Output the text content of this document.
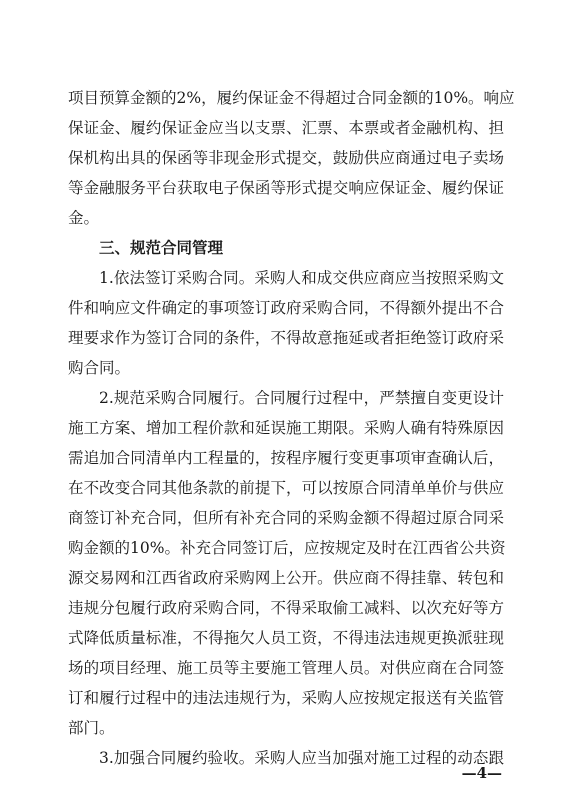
项目预算金额的2%，履约保证金不得超过合同金额的10%。响应
保证金、履约保证金应当以支票、汇票、本票或者金融机构、担
保机构出具的保函等非现金形式提交，鼓励供应商通过电子卖场
等金融服务平台获取电子保函等形式提交响应保证金、履约保证
金。
三、规范合同管理
1.依法签订采购合同。采购人和成交供应商应当按照采购文
件和响应文件确定的事项签订政府采购合同，不得额外提出不合
理要求作为签订合同的条件，不得故意拖延或者拒绝签订政府采
购合同。
2.规范采购合同履行。合同履行过程中，严禁擅自变更设计
施工方案、增加工程价款和延误施工期限。采购人确有特殊原因
需追加合同清单内工程量的，按程序履行变更事项审查确认后，
在不改变合同其他条款的前提下，可以按原合同清单单价与供应
商签订补充合同，但所有补充合同的采购金额不得超过原合同采
购金额的10%。补充合同签订后，应按规定及时在江西省公共资
源交易网和江西省政府采购网上公开。供应商不得挂靠、转包和
违规分包履行政府采购合同，不得采取偷工减料、以次充好等方
式降低质量标准，不得拖欠人员工资，不得违法违规更换派驻现
场的项目经理、施工员等主要施工管理人员。对供应商在合同签
订和履行过程中的违法违规行为，采购人应按规定报送有关监管
部门。
3.加强合同履约验收。采购人应当加强对施工过程的动态跟
—4—
